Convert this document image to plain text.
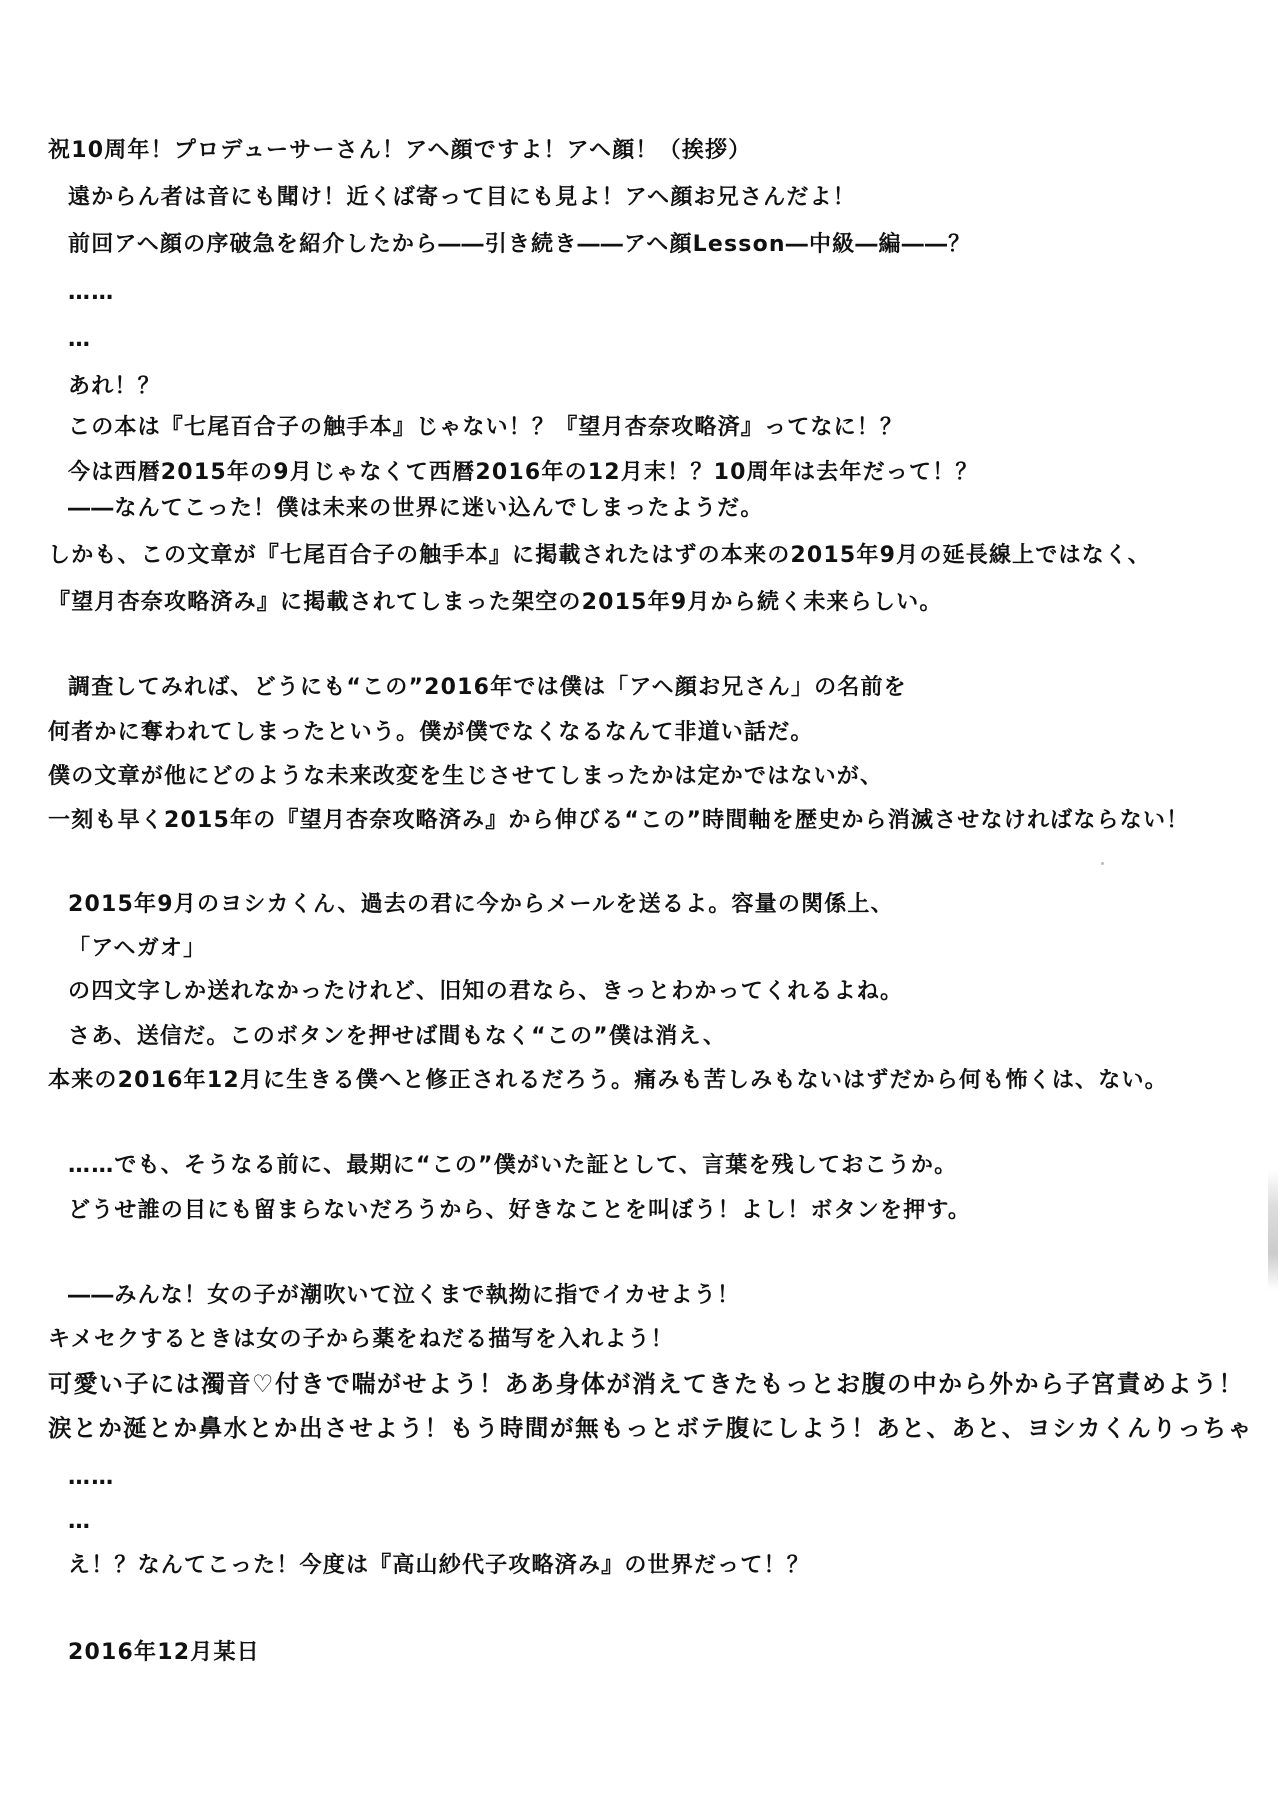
祝10周年！プロデューサーさん！アヘ顔ですよ！アヘ顔！（挨拶）
遠からん者は音にも聞け！近くば寄って目にも見よ！アヘ顔お兄さんだよ！
前回アヘ顔の序破急を紹介したから――引き続き――アヘ顔Lesson―中級―編――？
……
…
あれ！？
この本は『七尾百合子の触手本』じゃない！？『望月杏奈攻略済』ってなに！？
今は西暦2015年の9月じゃなくて西暦2016年の12月末！？10周年は去年だって！？
――なんてこった！僕は未来の世界に迷い込んでしまったようだ。
しかも、この文章が『七尾百合子の触手本』に掲載されたはずの本来の2015年9月の延長線上ではなく、
『望月杏奈攻略済み』に掲載されてしまった架空の2015年9月から続く未来らしい。
調査してみれば、どうにも“この”2016年では僕は「アヘ顔お兄さん」の名前を
何者かに奪われてしまったという。僕が僕でなくなるなんて非道い話だ。
僕の文章が他にどのような未来改変を生じさせてしまったかは定かではないが、
一刻も早く2015年の『望月杏奈攻略済み』から伸びる“この”時間軸を歴史から消滅させなければならない！
2015年9月のヨシカくん、過去の君に今からメールを送るよ。容量の関係上、
「アヘガオ」
の四文字しか送れなかったけれど、旧知の君なら、きっとわかってくれるよね。
さあ、送信だ。このボタンを押せば間もなく“この”僕は消え、
本来の2016年12月に生きる僕へと修正されるだろう。痛みも苦しみもないはずだから何も怖くは、ない。
……でも、そうなる前に、最期に“この”僕がいた証として、言葉を残しておこうか。
どうせ誰の目にも留まらないだろうから、好きなことを叫ぼう！よし！ボタンを押す。
――みんな！女の子が潮吹いて泣くまで執拗に指でイカせよう！
キメセクするときは女の子から薬をねだる描写を入れよう！
可愛い子には濁音♡付きで喘がせよう！ああ身体が消えてきたもっとお腹の中から外から子宮責めよう！
涙とか涎とか鼻水とか出させよう！もう時間が無もっとボテ腹にしよう！あと、あと、ヨシカくんりっちゃ
……
…
え！？なんてこった！今度は『高山紗代子攻略済み』の世界だって！？
2016年12月某日
